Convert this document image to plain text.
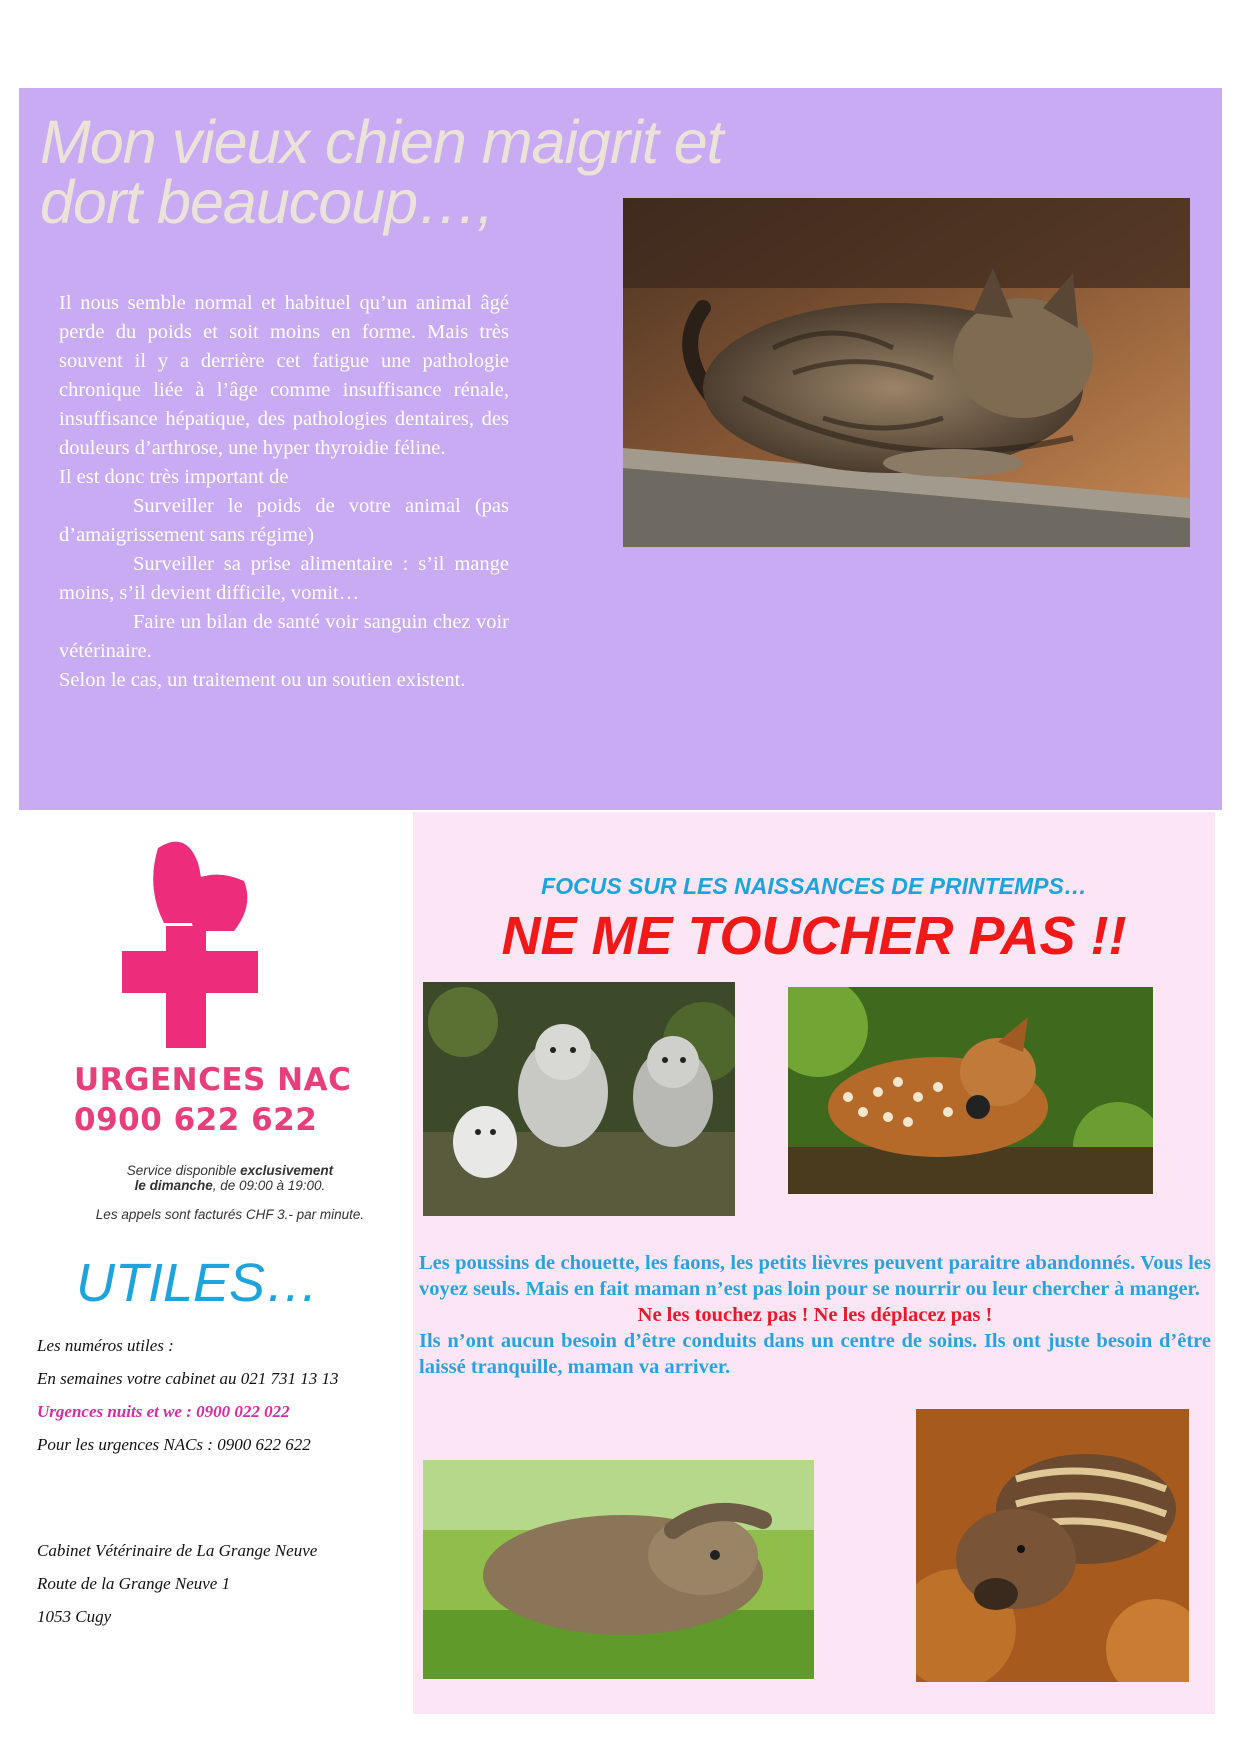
Mon vieux chien maigrit et dort beaucoup…,

Il nous semble normal et habituel qu’un animal âgé perde du poids et soit moins en forme. Mais très souvent il y a derrière cet fatigue une pathologie chronique liée à l’âge comme insuffisance rénale, insuffisance hépatique, des pathologies dentaires, des douleurs d’arthrose, une hyper thyroidie féline.

Il est donc très important de

Surveiller le poids de votre animal (pas d’amaigrissement sans régime)

Surveiller sa prise alimentaire : s’il mange moins, s’il devient difficile, vomit…

Faire un bilan de santé voir sanguin chez voir vétérinaire.

Selon le cas, un traitement ou un soutien existent.

FOCUS SUR LES NAISSANCES DE PRINTEMPS…
NE ME TOUCHER PAS !!

Les poussins de chouette, les faons, les petits lièvres peuvent paraitre abandonnés. Vous les voyez seuls. Mais en fait maman n’est pas loin pour se nourrir ou leur chercher à manger.

Ne les touchez pas ! Ne les déplacez pas !

Ils n’ont aucun besoin d’être conduits dans un centre de soins. Ils ont juste besoin d’être laissé tranquille, maman va arriver.

URGENCES NAC
0900 622 622
Service disponible exclusivement
le dimanche, de 09:00 à 19:00.
Les appels sont facturés CHF 3.- par minute.
UTILES…
Les numéros utiles :
En semaines votre cabinet au 021 731 13 13
Urgences nuits et we : 0900 022 022
Pour les urgences NACs : 0900 622 622
Cabinet Vétérinaire de La Grange Neuve
Route de la Grange Neuve 1
1053 Cugy
